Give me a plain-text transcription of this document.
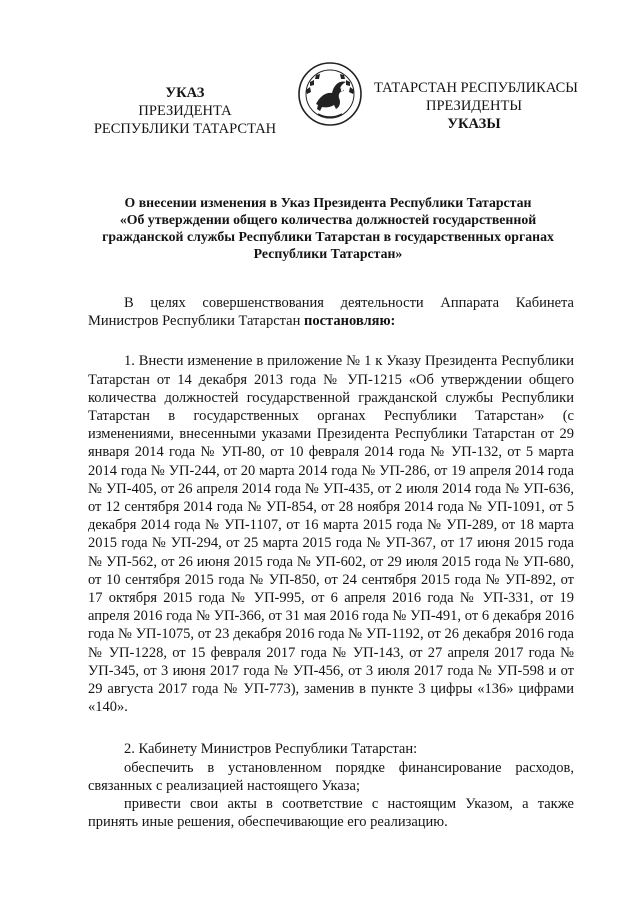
УКАЗ
ПРЕЗИДЕНТА
РЕСПУБЛИКИ ТАТАРСТАН
ТАТАРСТАН РЕСПУБЛИКАСЫ
ПРЕЗИДЕНТЫ
УКАЗЫ
О внесении изменения в Указ Президента Республики Татарстан
«Об утверждении общего количества должностей государственной
гражданской службы Республики Татарстан в государственных органах
Республики Татарстан»

В целях совершенствования деятельности Аппарата Кабинета Министров Республики Татарстан постановляю:

1. Внести изменение в приложение № 1 к Указу Президента Республики Татарстан от 14 декабря 2013 года № УП-1215 «Об утверждении общего количества должностей государственной гражданской службы Республики Татарстан в государственных органах Республики Татарстан» (с изменениями, внесенными указами Президента Республики Татарстан от 29 января 2014 года № УП-80, от 10 февраля 2014 года № УП-132, от 5 марта 2014 года № УП-244, от 20 марта 2014 года № УП-286, от 19 апреля 2014 года № УП-405, от 26 апреля 2014 года № УП-435, от 2 июля 2014 года № УП-636, от 12 сентября 2014 года № УП-854, от 28 ноября 2014 года № УП-1091, от 5 декабря 2014 года № УП-1107, от 16 марта 2015 года № УП-289, от 18 марта 2015 года № УП-294, от 25 марта 2015 года № УП-367, от 17 июня 2015 года № УП-562, от 26 июня 2015 года № УП-602, от 29 июля 2015 года № УП-680, от 10 сентября 2015 года № УП-850, от 24 сентября 2015 года № УП-892, от 17 октября 2015 года № УП-995, от 6 апреля 2016 года № УП-331, от 19 апреля 2016 года № УП-366, от 31 мая 2016 года № УП-491, от 6 декабря 2016 года № УП-1075, от 23 декабря 2016 года № УП-1192, от 26 декабря 2016 года № УП-1228, от 15 февраля 2017 года № УП-143, от 27 апреля 2017 года № УП-345, от 3 июня 2017 года № УП-456, от 3 июля 2017 года № УП-598 и от 29 августа 2017 года № УП-773), заменив в пункте 3 цифры «136» цифрами «140».

2. Кабинету Министров Республики Татарстан:

обеспечить в установленном порядке финансирование расходов, связанных с реализацией настоящего Указа;

привести свои акты в соответствие с настоящим Указом, а также принять иные решения, обеспечивающие его реализацию.
